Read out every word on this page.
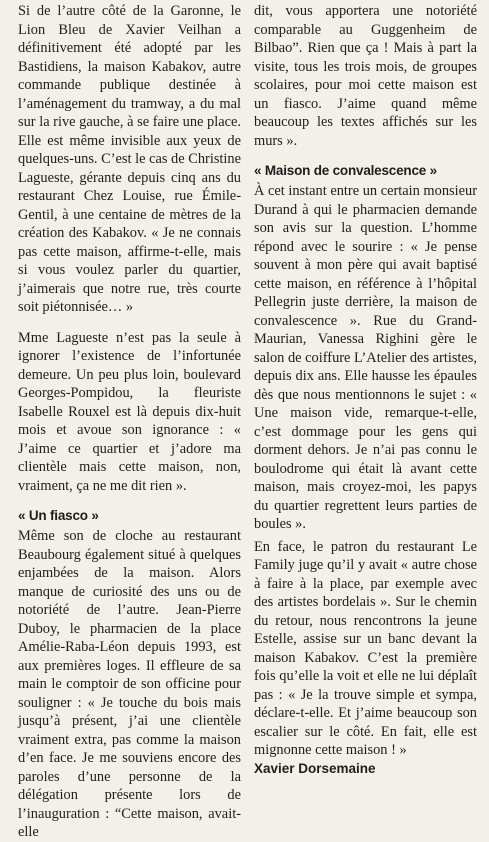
Si de l’autre côté de la Garonne, le Lion Bleu de Xavier Veilhan a définitivement été adopté par les Bastidiens, la maison Kabakov, autre commande publique destinée à l’aménagement du tramway, a du mal sur la rive gauche, à se faire une place. Elle est même invisible aux yeux de quelques-uns. C’est le cas de Christine Lagueste, gérante depuis cinq ans du restaurant Chez Louise, rue Émile-Gentil, à une centaine de mètres de la création des Kabakov. « Je ne connais pas cette maison, affirme-t-elle, mais si vous voulez parler du quartier, j’aimerais que notre rue, très courte soit piétonnisée… »

Mme Lagueste n’est pas la seule à ignorer l’existence de l’infortunée demeure. Un peu plus loin, boulevard Georges-Pompidou, la fleuriste Isabelle Rouxel est là depuis dix-huit mois et avoue son ignorance : « J’aime ce quartier et j’adore ma clientèle mais cette maison, non, vraiment, ça ne me dit rien ».

« Un fiasco »

Même son de cloche au restaurant Beaubourg également situé à quelques enjambées de la maison. Alors manque de curiosité des uns ou de notoriété de l’autre. Jean-Pierre Duboy, le pharmacien de la place Amélie-Raba-Léon depuis 1993, est aux premières loges. Il effleure de sa main le comptoir de son officine pour souligner : « Je touche du bois mais jusqu’à présent, j’ai une clientèle vraiment extra, pas comme la maison d’en face. Je me souviens encore des paroles d’une personne de la délégation présente lors de l’inauguration : “Cette maison, avait-elle

dit, vous apportera une notoriété comparable au Guggenheim de Bilbao”. Rien que ça ! Mais à part la visite, tous les trois mois, de groupes scolaires, pour moi cette maison est un fiasco. J’aime quand même beaucoup les textes affichés sur les murs ».

« Maison de convalescence »

À cet instant entre un certain monsieur Durand à qui le pharmacien demande son avis sur la question. L’homme répond avec le sourire : « Je pense souvent à mon père qui avait baptisé cette maison, en référence à l’hôpital Pellegrin juste derrière, la maison de convalescence ». Rue du Grand-Maurian, Vanessa Righini gère le salon de coiffure L’Atelier des artistes, depuis dix ans. Elle hausse les épaules dès que nous mentionnons le sujet : « Une maison vide, remarque-t-elle, c’est dommage pour les gens qui dorment dehors. Je n’ai pas connu le boulodrome qui était là avant cette maison, mais croyez-moi, les papys du quartier regrettent leurs parties de boules ».

En face, le patron du restaurant Le Family juge qu’il y avait « autre chose à faire à la place, par exemple avec des artistes bordelais ». Sur le chemin du retour, nous rencontrons la jeune Estelle, assise sur un banc devant la maison Kabakov. C’est la première fois qu’elle la voit et elle ne lui déplaît pas : « Je la trouve simple et sympa, déclare-t-elle. Et j’aime beaucoup son escalier sur le côté. En fait, elle est mignonne cette maison ! »

Xavier Dorsemaine
